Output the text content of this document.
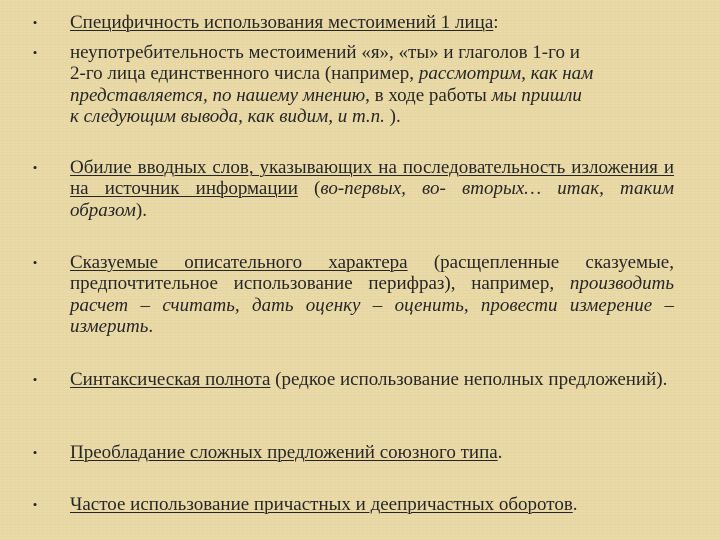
• Специфичность использования местоимений 1 лица:
• неупотребительность местоимений «я», «ты» и глаголов 1-го и
2-го лица единственного числа (например, рассмотрим, как нам
представляется, по нашему мнению, в ходе работы мы пришли
к следующим вывода, как видим, и т.п. ).
• Обилие вводных слов, указывающих на последовательность изложения и на источник информации (во-первых, во- вторых… итак, таким образом).
• Сказуемые описательного характера (расщепленные сказуемые, предпочтительное использование перифраз), например, производить расчет – считать, дать оценку – оценить, провести измерение – измерить.
• Синтаксическая полнота (редкое использование неполных предложений).
• Преобладание сложных предложений союзного типа.
• Частое использование причастных и деепричастных оборотов.
